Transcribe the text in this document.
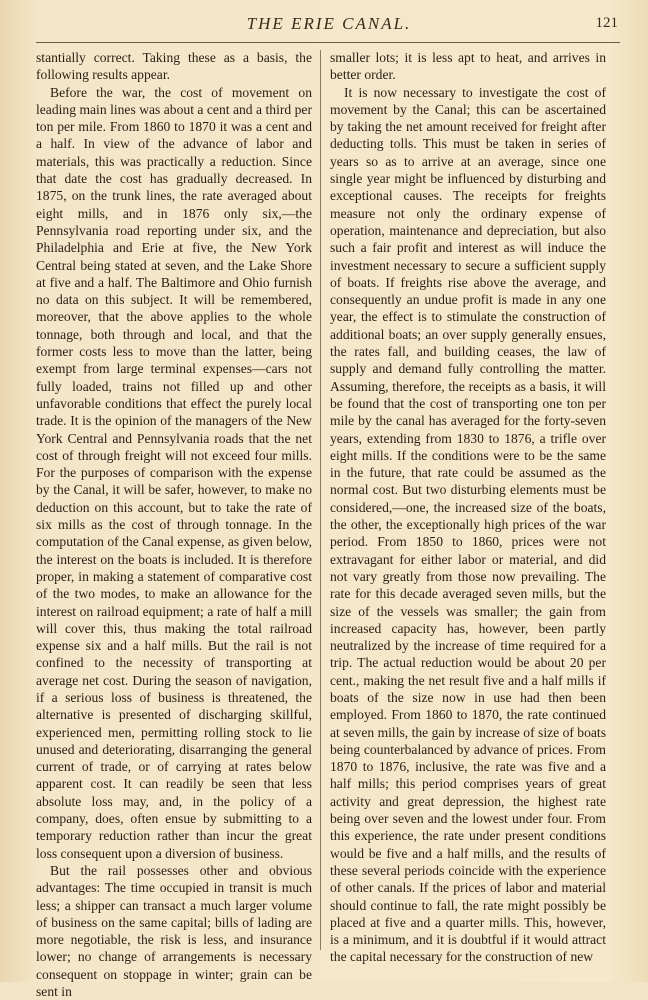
THE ERIE CANAL.	121

stantially correct. Taking these as a basis, the following results appear.

Before the war, the cost of movement on leading main lines was about a cent and a third per ton per mile. From 1860 to 1870 it was a cent and a half. In view of the advance of labor and materials, this was practically a reduction. Since that date the cost has gradually decreased. In 1875, on the trunk lines, the rate averaged about eight mills, and in 1876 only six,—the Pennsylvania road reporting under six, and the Philadelphia and Erie at five, the New York Central being stated at seven, and the Lake Shore at five and a half. The Baltimore and Ohio furnish no data on this subject. It will be remembered, moreover, that the above applies to the whole tonnage, both through and local, and that the former costs less to move than the latter, being exempt from large terminal expenses—cars not fully loaded, trains not filled up and other unfavorable conditions that effect the purely local trade. It is the opinion of the managers of the New York Central and Pennsylvania roads that the net cost of through freight will not exceed four mills. For the purposes of comparison with the expense by the Canal, it will be safer, however, to make no deduction on this account, but to take the rate of six mills as the cost of through tonnage. In the computation of the Canal expense, as given below, the interest on the boats is included. It is therefore proper, in making a statement of comparative cost of the two modes, to make an allowance for the interest on railroad equipment; a rate of half a mill will cover this, thus making the total railroad expense six and a half mills. But the rail is not confined to the necessity of transporting at average net cost. During the season of navigation, if a serious loss of business is threatened, the alternative is presented of discharging skillful, experienced men, permitting rolling stock to lie unused and deteriorating, disarranging the general current of trade, or of carrying at rates below apparent cost. It can readily be seen that less absolute loss may, and, in the policy of a company, does, often ensue by submitting to a temporary reduction rather than incur the great loss consequent upon a diversion of business.

But the rail possesses other and obvious advantages: The time occupied in transit is much less; a shipper can transact a much larger volume of business on the same capital; bills of lading are more negotiable, the risk is less, and insurance lower; no change of arrangements is necessary consequent on stoppage in winter; grain can be sent in

smaller lots; it is less apt to heat, and arrives in better order.

It is now necessary to investigate the cost of movement by the Canal; this can be ascertained by taking the net amount received for freight after deducting tolls. This must be taken in series of years so as to arrive at an average, since one single year might be influenced by disturbing and exceptional causes. The receipts for freights measure not only the ordinary expense of operation, maintenance and depreciation, but also such a fair profit and interest as will induce the investment necessary to secure a sufficient supply of boats. If freights rise above the average, and consequently an undue profit is made in any one year, the effect is to stimulate the construction of additional boats; an over supply generally ensues, the rates fall, and building ceases, the law of supply and demand fully controlling the matter. Assuming, therefore, the receipts as a basis, it will be found that the cost of transporting one ton per mile by the canal has averaged for the forty-seven years, extending from 1830 to 1876, a trifle over eight mills. If the conditions were to be the same in the future, that rate could be assumed as the normal cost. But two disturbing elements must be considered,—one, the increased size of the boats, the other, the exceptionally high prices of the war period. From 1850 to 1860, prices were not extravagant for either labor or material, and did not vary greatly from those now prevailing. The rate for this decade averaged seven mills, but the size of the vessels was smaller; the gain from increased capacity has, however, been partly neutralized by the increase of time required for a trip. The actual reduction would be about 20 per cent., making the net result five and a half mills if boats of the size now in use had then been employed. From 1860 to 1870, the rate continued at seven mills, the gain by increase of size of boats being counterbalanced by advance of prices. From 1870 to 1876, inclusive, the rate was five and a half mills; this period comprises years of great activity and great depression, the highest rate being over seven and the lowest under four. From this experience, the rate under present conditions would be five and a half mills, and the results of these several periods coincide with the experience of other canals. If the prices of labor and material should continue to fall, the rate might possibly be placed at five and a quarter mills. This, however, is a minimum, and it is doubtful if it would attract the capital necessary for the construction of new
